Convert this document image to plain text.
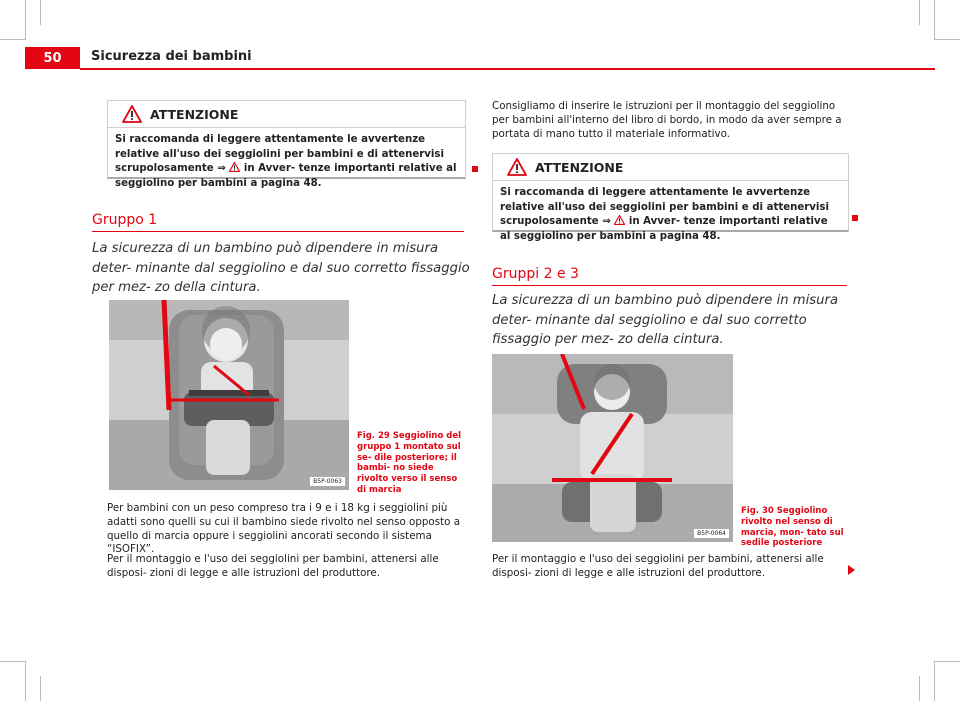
50	Sicurezza dei bambini
ATTENZIONE
Si raccomanda di leggere attentamente le avvertenze relative all'uso dei seggiolini per bambini e di attenervisi scrupolosamente ⇒  in Avver- tenze importanti relative al seggiolino per bambini a pagina 48.
Gruppo 1
La sicurezza di un bambino può dipendere in misura deter- minante dal seggiolino e dal suo corretto fissaggio per mez- zo della cintura.
B5P-0063
Fig. 29 Seggiolino del gruppo 1 montato sul se- dile posteriore; il bambi- no siede rivolto verso il senso di marcia
Per bambini con un peso compreso tra i 9 e i 18 kg i seggiolini più adatti sono quelli su cui il bambino siede rivolto nel senso opposto a quello di marcia oppure i seggiolini ancorati secondo il sistema “ISOFIX”.
Per il montaggio e l'uso dei seggiolini per bambini, attenersi alle disposi- zioni di legge e alle istruzioni del produttore.
Consigliamo di inserire le istruzioni per il montaggio del seggiolino per bambini all'interno del libro di bordo, in modo da aver sempre a portata di mano tutto il materiale informativo.
ATTENZIONE
Si raccomanda di leggere attentamente le avvertenze relative all'uso dei seggiolini per bambini e di attenervisi scrupolosamente ⇒  in Avver- tenze importanti relative al seggiolino per bambini a pagina 48.
Gruppi 2 e 3
La sicurezza di un bambino può dipendere in misura deter- minante dal seggiolino e dal suo corretto fissaggio per mez- zo della cintura.
B5P-0064
Fig. 30 Seggiolino rivolto nel senso di marcia, mon- tato sul sedile posteriore
Per il montaggio e l'uso dei seggiolini per bambini, attenersi alle disposi- zioni di legge e alle istruzioni del produttore.
